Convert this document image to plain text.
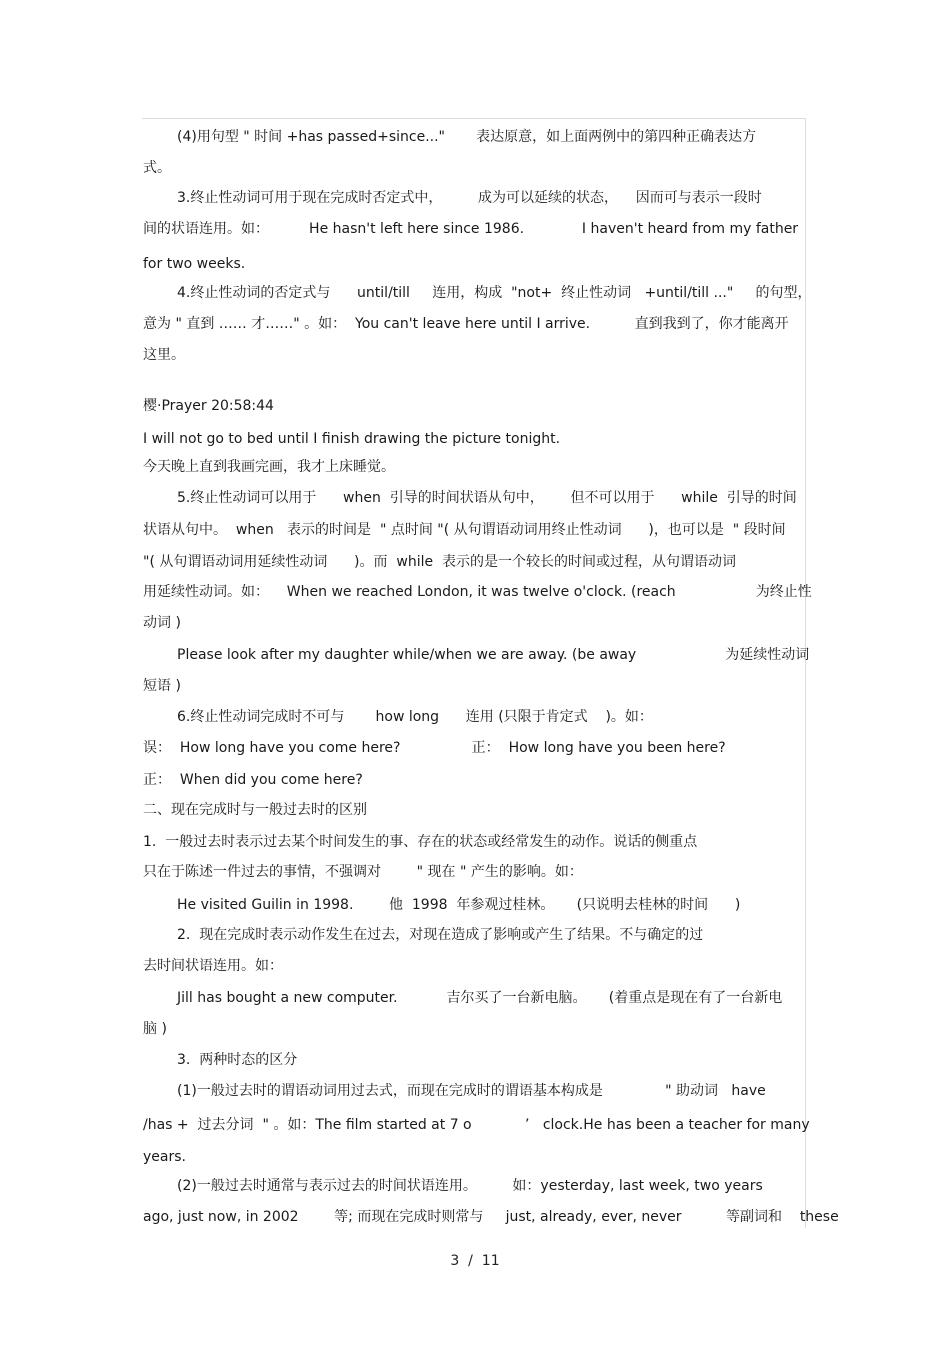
(4)用句型 " 时间 +has passed+since..."       表达原意，如上面两例中的第四种正确表达方
式。
3.终止性动词可用于现在完成时否定式中，        成为可以延续的状态，    因而可与表示一段时
间的状语连用。如：         He hasn't left here since 1986.             I haven't heard from my father
for two weeks.
4.终止性动词的否定式与      until/till     连用，构成  "not+  终止性动词   +until/till ..."     的句型，
意为 " 直到 …… 才……" 。如：  You can't leave here until I arrive.          直到我到了，你才能离开
这里。
樱·Prayer 20:58:44
I will not go to bed until I finish drawing the picture tonight.
今天晚上直到我画完画，我才上床睡觉。
5.终止性动词可以用于      when  引导的时间状语从句中，      但不可以用于      while  引导的时间
状语从句中。  when   表示的时间是  " 点时间 "( 从句谓语动词用终止性动词      )，也可以是  " 段时间
"( 从句谓语动词用延续性动词      )。而  while  表示的是一个较长的时间或过程，从句谓语动词
用延续性动词。如：    When we reached London, it was twelve o'clock. (reach                  为终止性
动词 )
Please look after my daughter while/when we are away. (be away                    为延续性动词
短语 )
6.终止性动词完成时不可与       how long      连用 (只限于肯定式    )。如：
误：  How long have you come here?                正：  How long have you been here?
正：  When did you come here?
二、现在完成时与一般过去时的区别
1.  一般过去时表示过去某个时间发生的事、存在的状态或经常发生的动作。说话的侧重点
只在于陈述一件过去的事情，不强调对        " 现在 " 产生的影响。如：
He visited Guilin in 1998.        他  1998  年参观过桂林。     (只说明去桂林的时间      )
2.  现在完成时表示动作发生在过去，对现在造成了影响或产生了结果。不与确定的过
去时间状语连用。如：
Jill has bought a new computer.           吉尔买了一台新电脑。     (着重点是现在有了一台新电
脑 )
3.  两种时态的区分
(1)一般过去时的谓语动词用过去式，而现在完成时的谓语基本构成是              " 助动词   have
/has +  过去分词  " 。如：The film started at 7 o            ’   clock.He has been a teacher for many
years.
(2)一般过去时通常与表示过去的时间状语连用。        如：yesterday, last week, two years
ago, just now, in 2002        等; 而现在完成时则常与     just, already, ever, never          等副词和    these
3  /  11
